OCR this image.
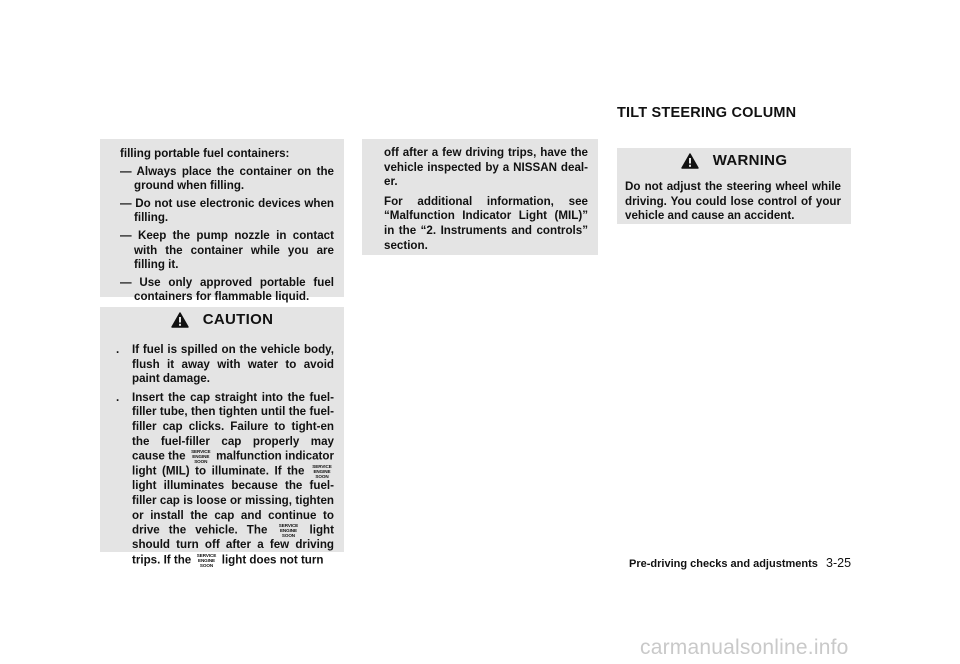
filling portable fuel containers:

— Always place the container on the ground when filling.

— Do not use electronic devices when filling.

— Keep the pump nozzle in contact with the container while you are filling it.

— Use only approved portable fuel containers for flammable liquid.

CAUTION
. If fuel is spilled on the vehicle body, flush it away with water to avoid paint damage.
. Insert the cap straight into the fuel-filler tube, then tighten until the fuel-filler cap clicks. Failure to tight-en the fuel-filler cap properly may cause the	SERVICE
ENGINE
SOON malfunction indicator light (MIL) to illuminate. If the	SERVICE
ENGINE
SOON
light illuminates because the fuel-filler cap is loose or missing, tighten or install the cap and continue to drive the vehicle. The	SERVICE
ENGINE
SOON	light should turn off after a few driving trips. If the	SERVICE
ENGINE
SOON light does not turn

off after a few driving trips, have the vehicle inspected by a NISSAN deal-er.

For additional information, see “Malfunction Indicator Light (MIL)” in the “2. Instruments and controls” section.

TILT STEERING COLUMN
WARNING

Do not adjust the steering wheel while driving. You could lose control of your vehicle and cause an accident.

Pre-driving checks and adjustments 3-25
carmanualsonline.info
